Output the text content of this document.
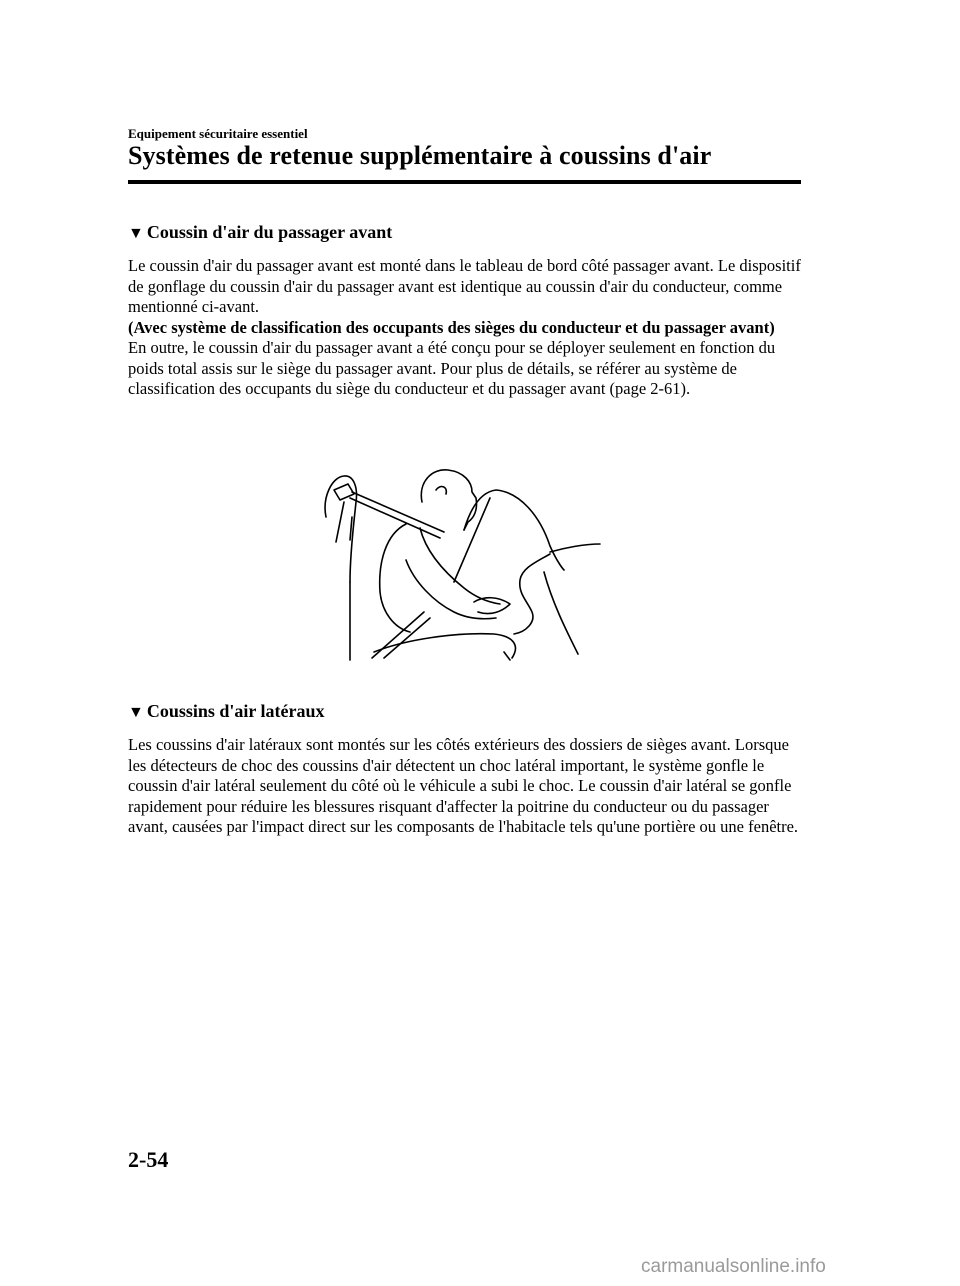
Equipement sécuritaire essentiel
Systèmes de retenue supplémentaire à coussins d'air
▼ Coussin d'air du passager avant
Le coussin d'air du passager avant est monté dans le tableau de bord côté passager avant. Le dispositif de gonflage du coussin d'air du passager avant est identique au coussin d'air du conducteur, comme mentionné ci-avant.
(Avec système de classification des occupants des sièges du conducteur et du passager avant)
En outre, le coussin d'air du passager avant a été conçu pour se déployer seulement en fonction du poids total assis sur le siège du passager avant. Pour plus de détails, se référer au système de classification des occupants du siège du conducteur et du passager avant (page 2-61).
▼ Coussins d'air latéraux
Les coussins d'air latéraux sont montés sur les côtés extérieurs des dossiers de sièges avant. Lorsque les détecteurs de choc des coussins d'air détectent un choc latéral important, le système gonfle le coussin d'air latéral seulement du côté où le véhicule a subi le choc. Le coussin d'air latéral se gonfle rapidement pour réduire les blessures risquant d'affecter la poitrine du conducteur ou du passager avant, causées par l'impact direct sur les composants de l'habitacle tels qu'une portière ou une fenêtre.
2-54
carmanualsonline.info
